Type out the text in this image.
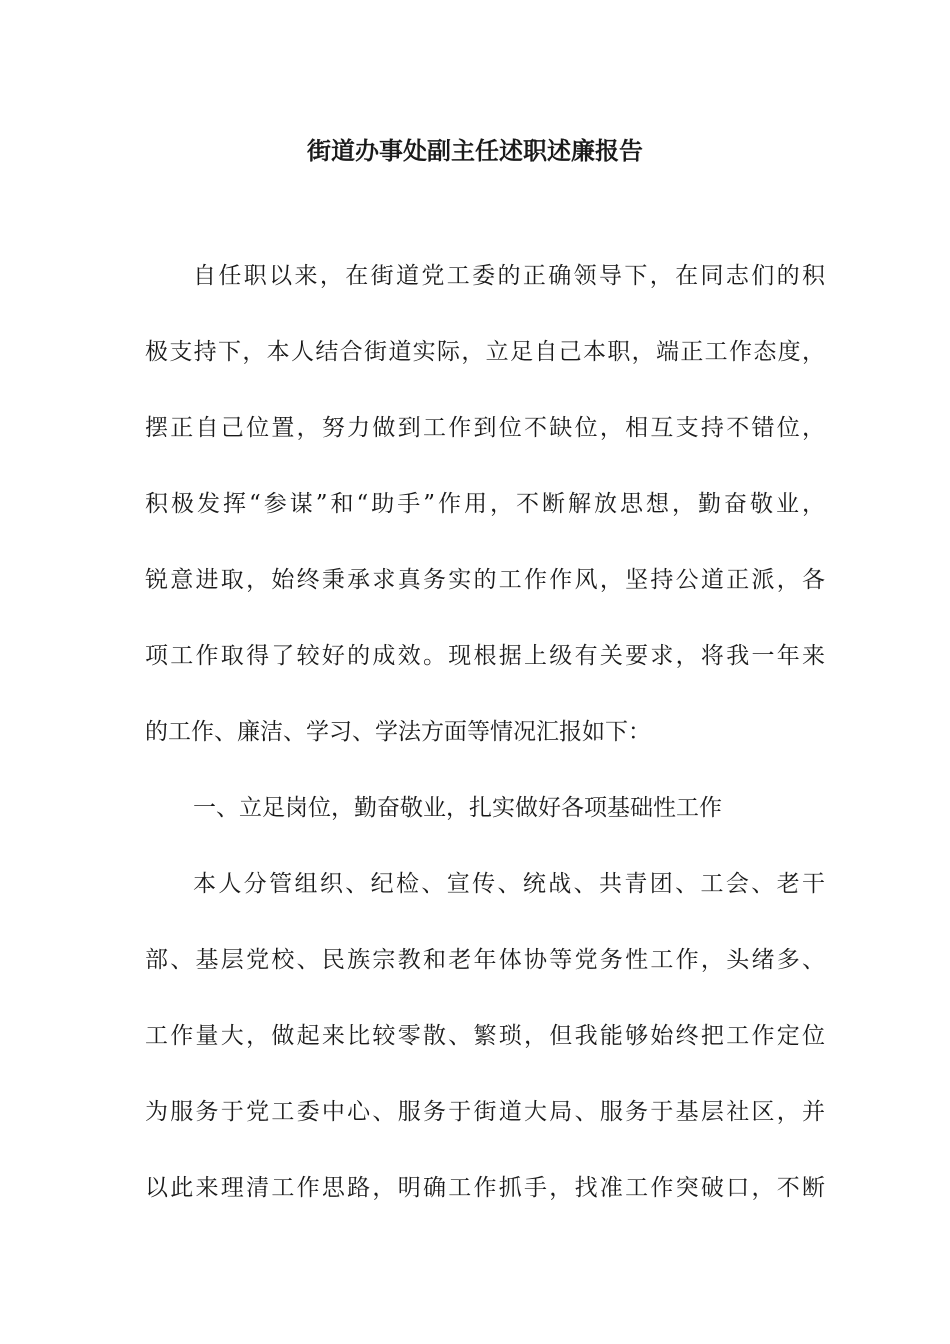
街道办事处副主任述职述廉报告
自任职以来，在街道党工委的正确领导下，在同志们的积
极支持下，本人结合街道实际，立足自己本职，端正工作态度，
摆正自己位置，努力做到工作到位不缺位，相互支持不错位，
积极发挥“参谋”和“助手”作用，不断解放思想，勤奋敬业，
锐意进取，始终秉承求真务实的工作作风，坚持公道正派，各
项工作取得了较好的成效。现根据上级有关要求，将我一年来
的工作、廉洁、学习、学法方面等情况汇报如下：
一、立足岗位，勤奋敬业，扎实做好各项基础性工作
本人分管组织、纪检、宣传、统战、共青团、工会、老干
部、基层党校、民族宗教和老年体协等党务性工作，头绪多、
工作量大，做起来比较零散、繁琐，但我能够始终把工作定位
为服务于党工委中心、服务于街道大局、服务于基层社区，并
以此来理清工作思路，明确工作抓手，找准工作突破口，不断
